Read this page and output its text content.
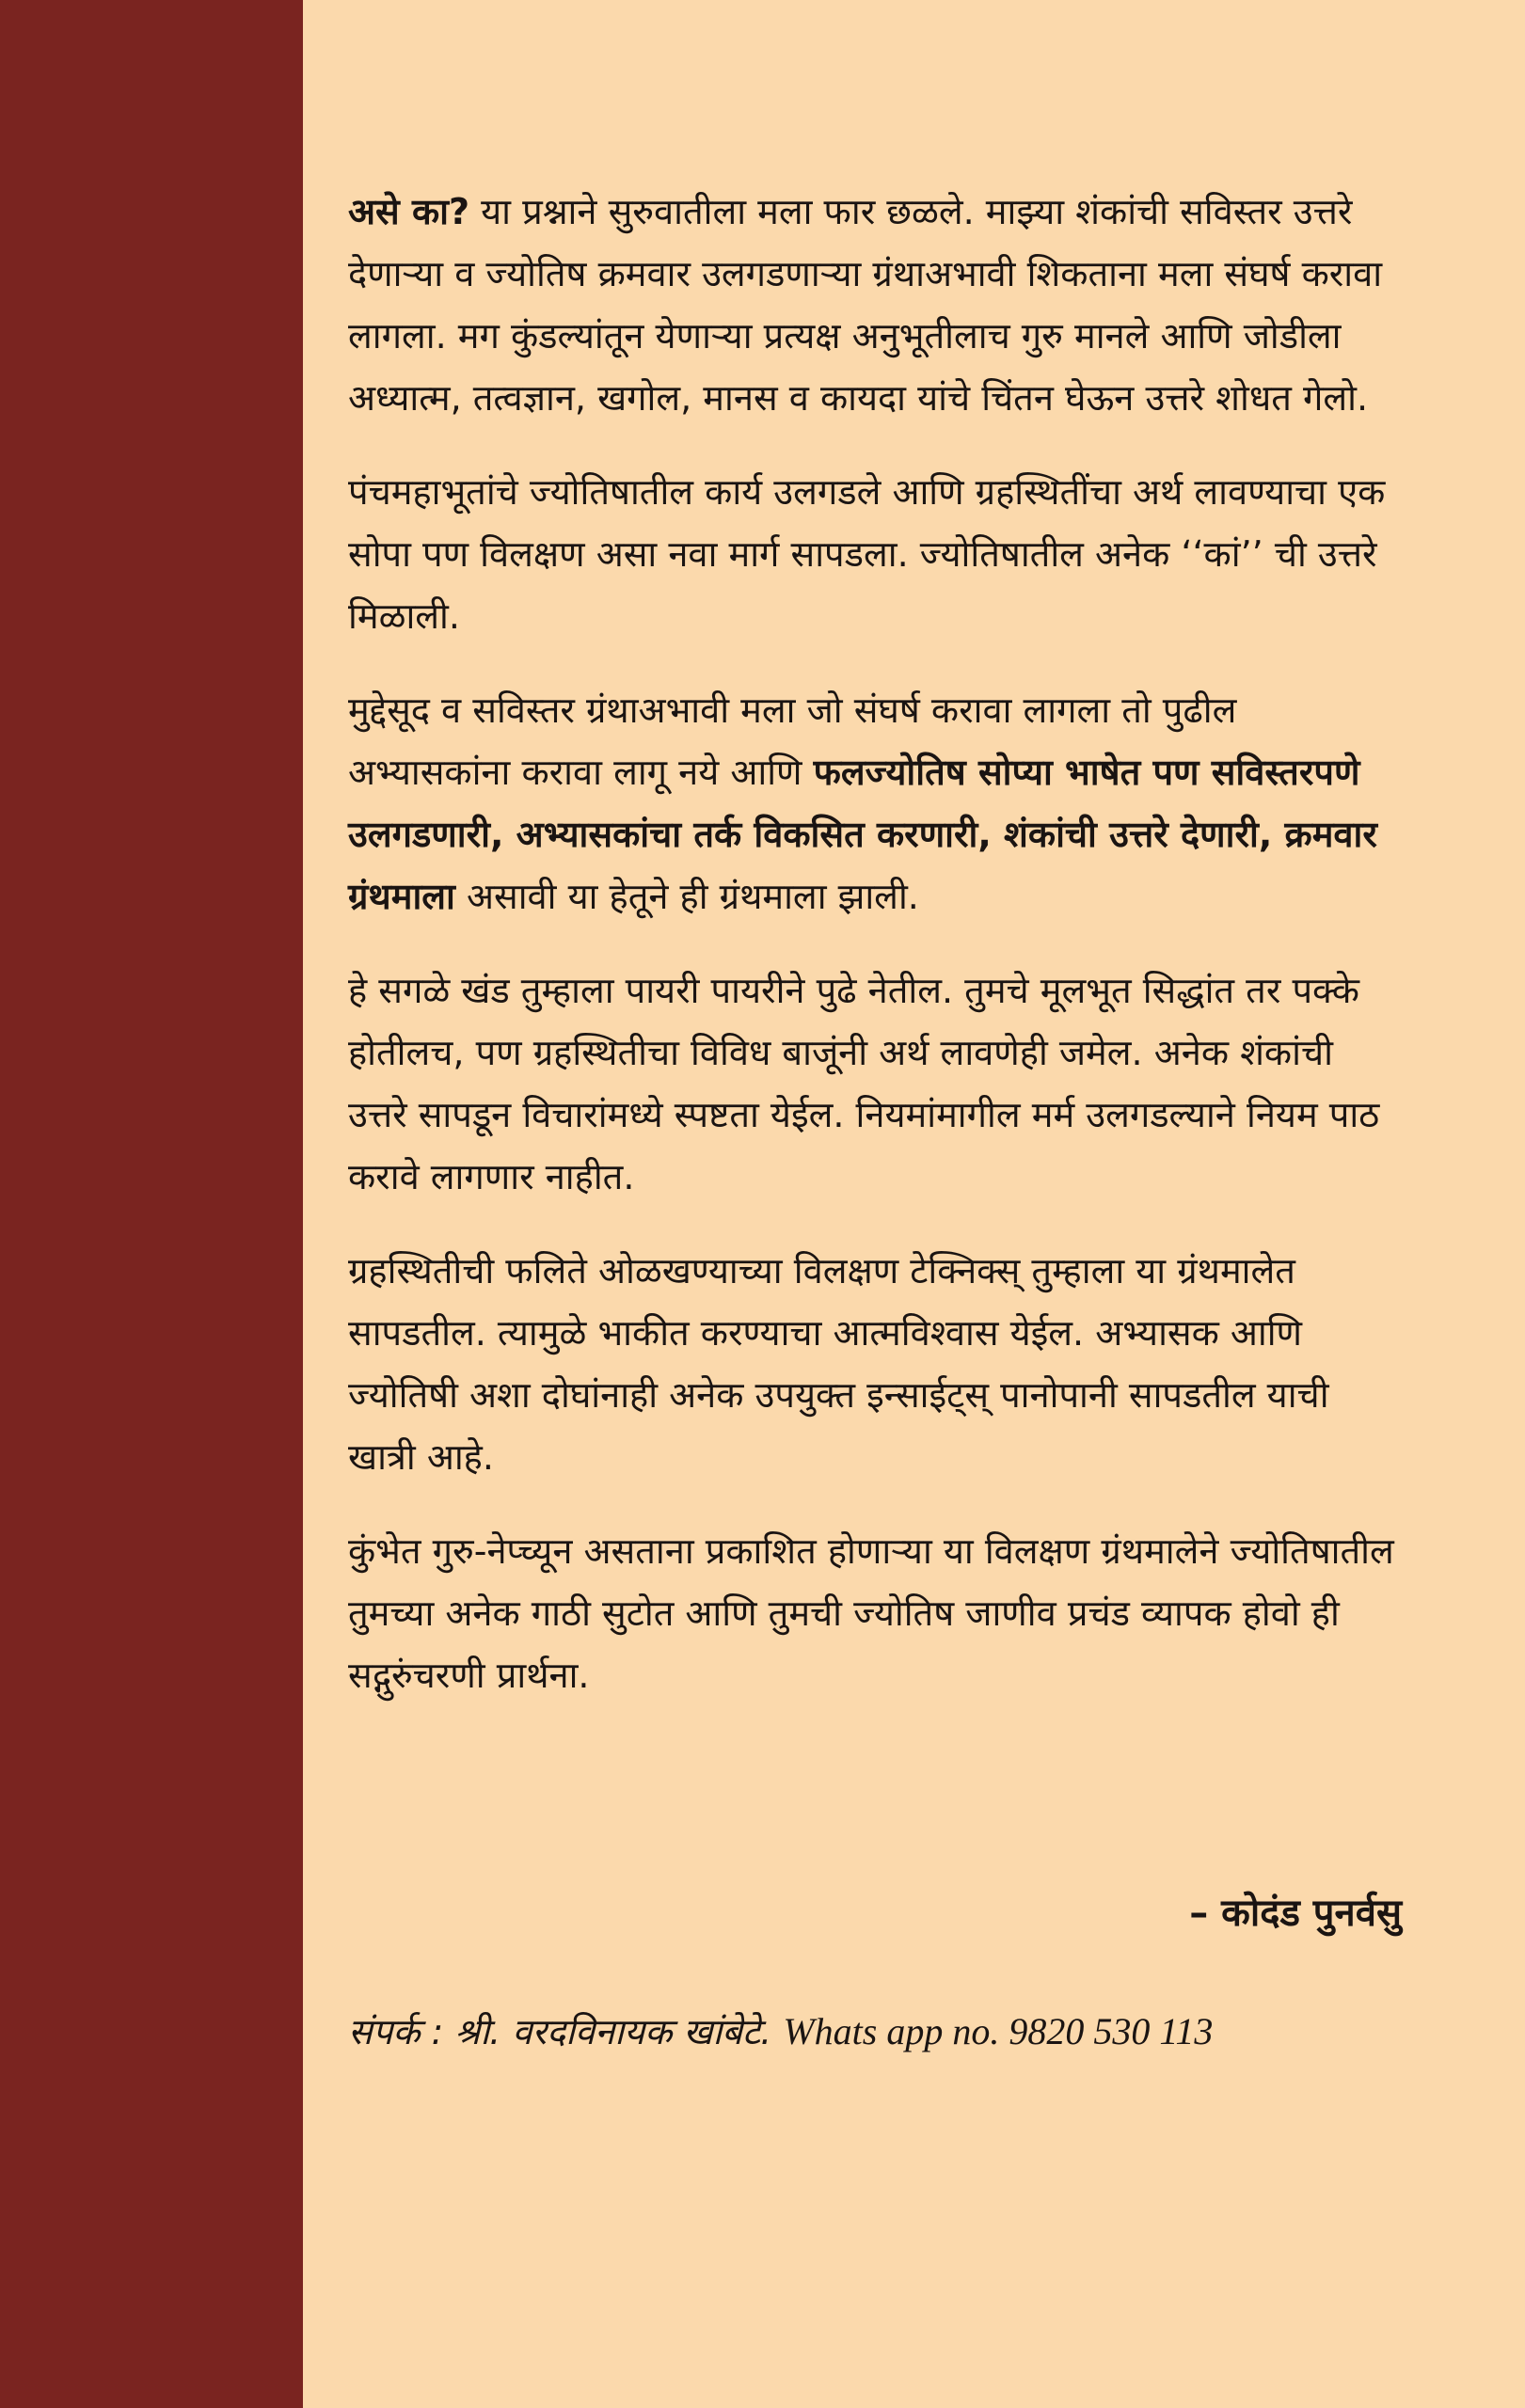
असे का? या प्रश्नाने सुरुवातीला मला फार छळले. माझ्या शंकांची सविस्तर उत्तरे देणाऱ्या व ज्योतिष क्रमवार उलगडणाऱ्या ग्रंथाअभावी शिकताना मला संघर्ष करावा लागला. मग कुंडल्यांतून येणाऱ्या प्रत्यक्ष अनुभूतीलाच गुरु मानले आणि जोडीला अध्यात्म, तत्वज्ञान, खगोल, मानस व कायदा यांचे चिंतन घेऊन उत्तरे शोधत गेलो.

पंचमहाभूतांचे ज्योतिषातील कार्य उलगडले आणि ग्रहस्थितींचा अर्थ लावण्याचा एक सोपा पण विलक्षण असा नवा मार्ग सापडला. ज्योतिषातील अनेक ‘‘कां’’ ची उत्तरे मिळाली.

मुद्देसूद व सविस्तर ग्रंथाअभावी मला जो संघर्ष करावा लागला तो पुढील अभ्यासकांना करावा लागू नये आणि फलज्योतिष सोप्या भाषेत पण सविस्तरपणे उलगडणारी, अभ्यासकांचा तर्क विकसित करणारी, शंकांची उत्तरे देणारी, क्रमवार ग्रंथमाला असावी या हेतूने ही ग्रंथमाला झाली.

हे सगळे खंड तुम्हाला पायरी पायरीने पुढे नेतील. तुमचे मूलभूत सिद्धांत तर पक्के होतीलच, पण ग्रहस्थितीचा विविध बाजूंनी अर्थ लावणेही जमेल. अनेक शंकांची उत्तरे सापडून विचारांमध्ये स्पष्टता येईल. नियमांमागील मर्म उलगडल्याने नियम पाठ करावे लागणार नाहीत.

ग्रहस्थितीची फलिते ओळखण्याच्या विलक्षण टेक्निक्स् तुम्हाला या ग्रंथमालेत सापडतील. त्यामुळे भाकीत करण्याचा आत्मविश्वास येईल. अभ्यासक आणि ज्योतिषी अशा दोघांनाही अनेक उपयुक्त इन्साईट्स् पानोपानी सापडतील याची खात्री आहे.

कुंभेत गुरु-नेप्च्यून असताना प्रकाशित होणाऱ्या या विलक्षण ग्रंथमालेने ज्योतिषातील तुमच्या अनेक गाठी सुटोत आणि तुमची ज्योतिष जाणीव प्रचंड व्यापक होवो ही सद्गुरुंचरणी प्रार्थना.

– कोदंड पुनर्वसु

संपर्क : श्री. वरदविनायक खांबेटे. Whats app no. 9820 530 113
